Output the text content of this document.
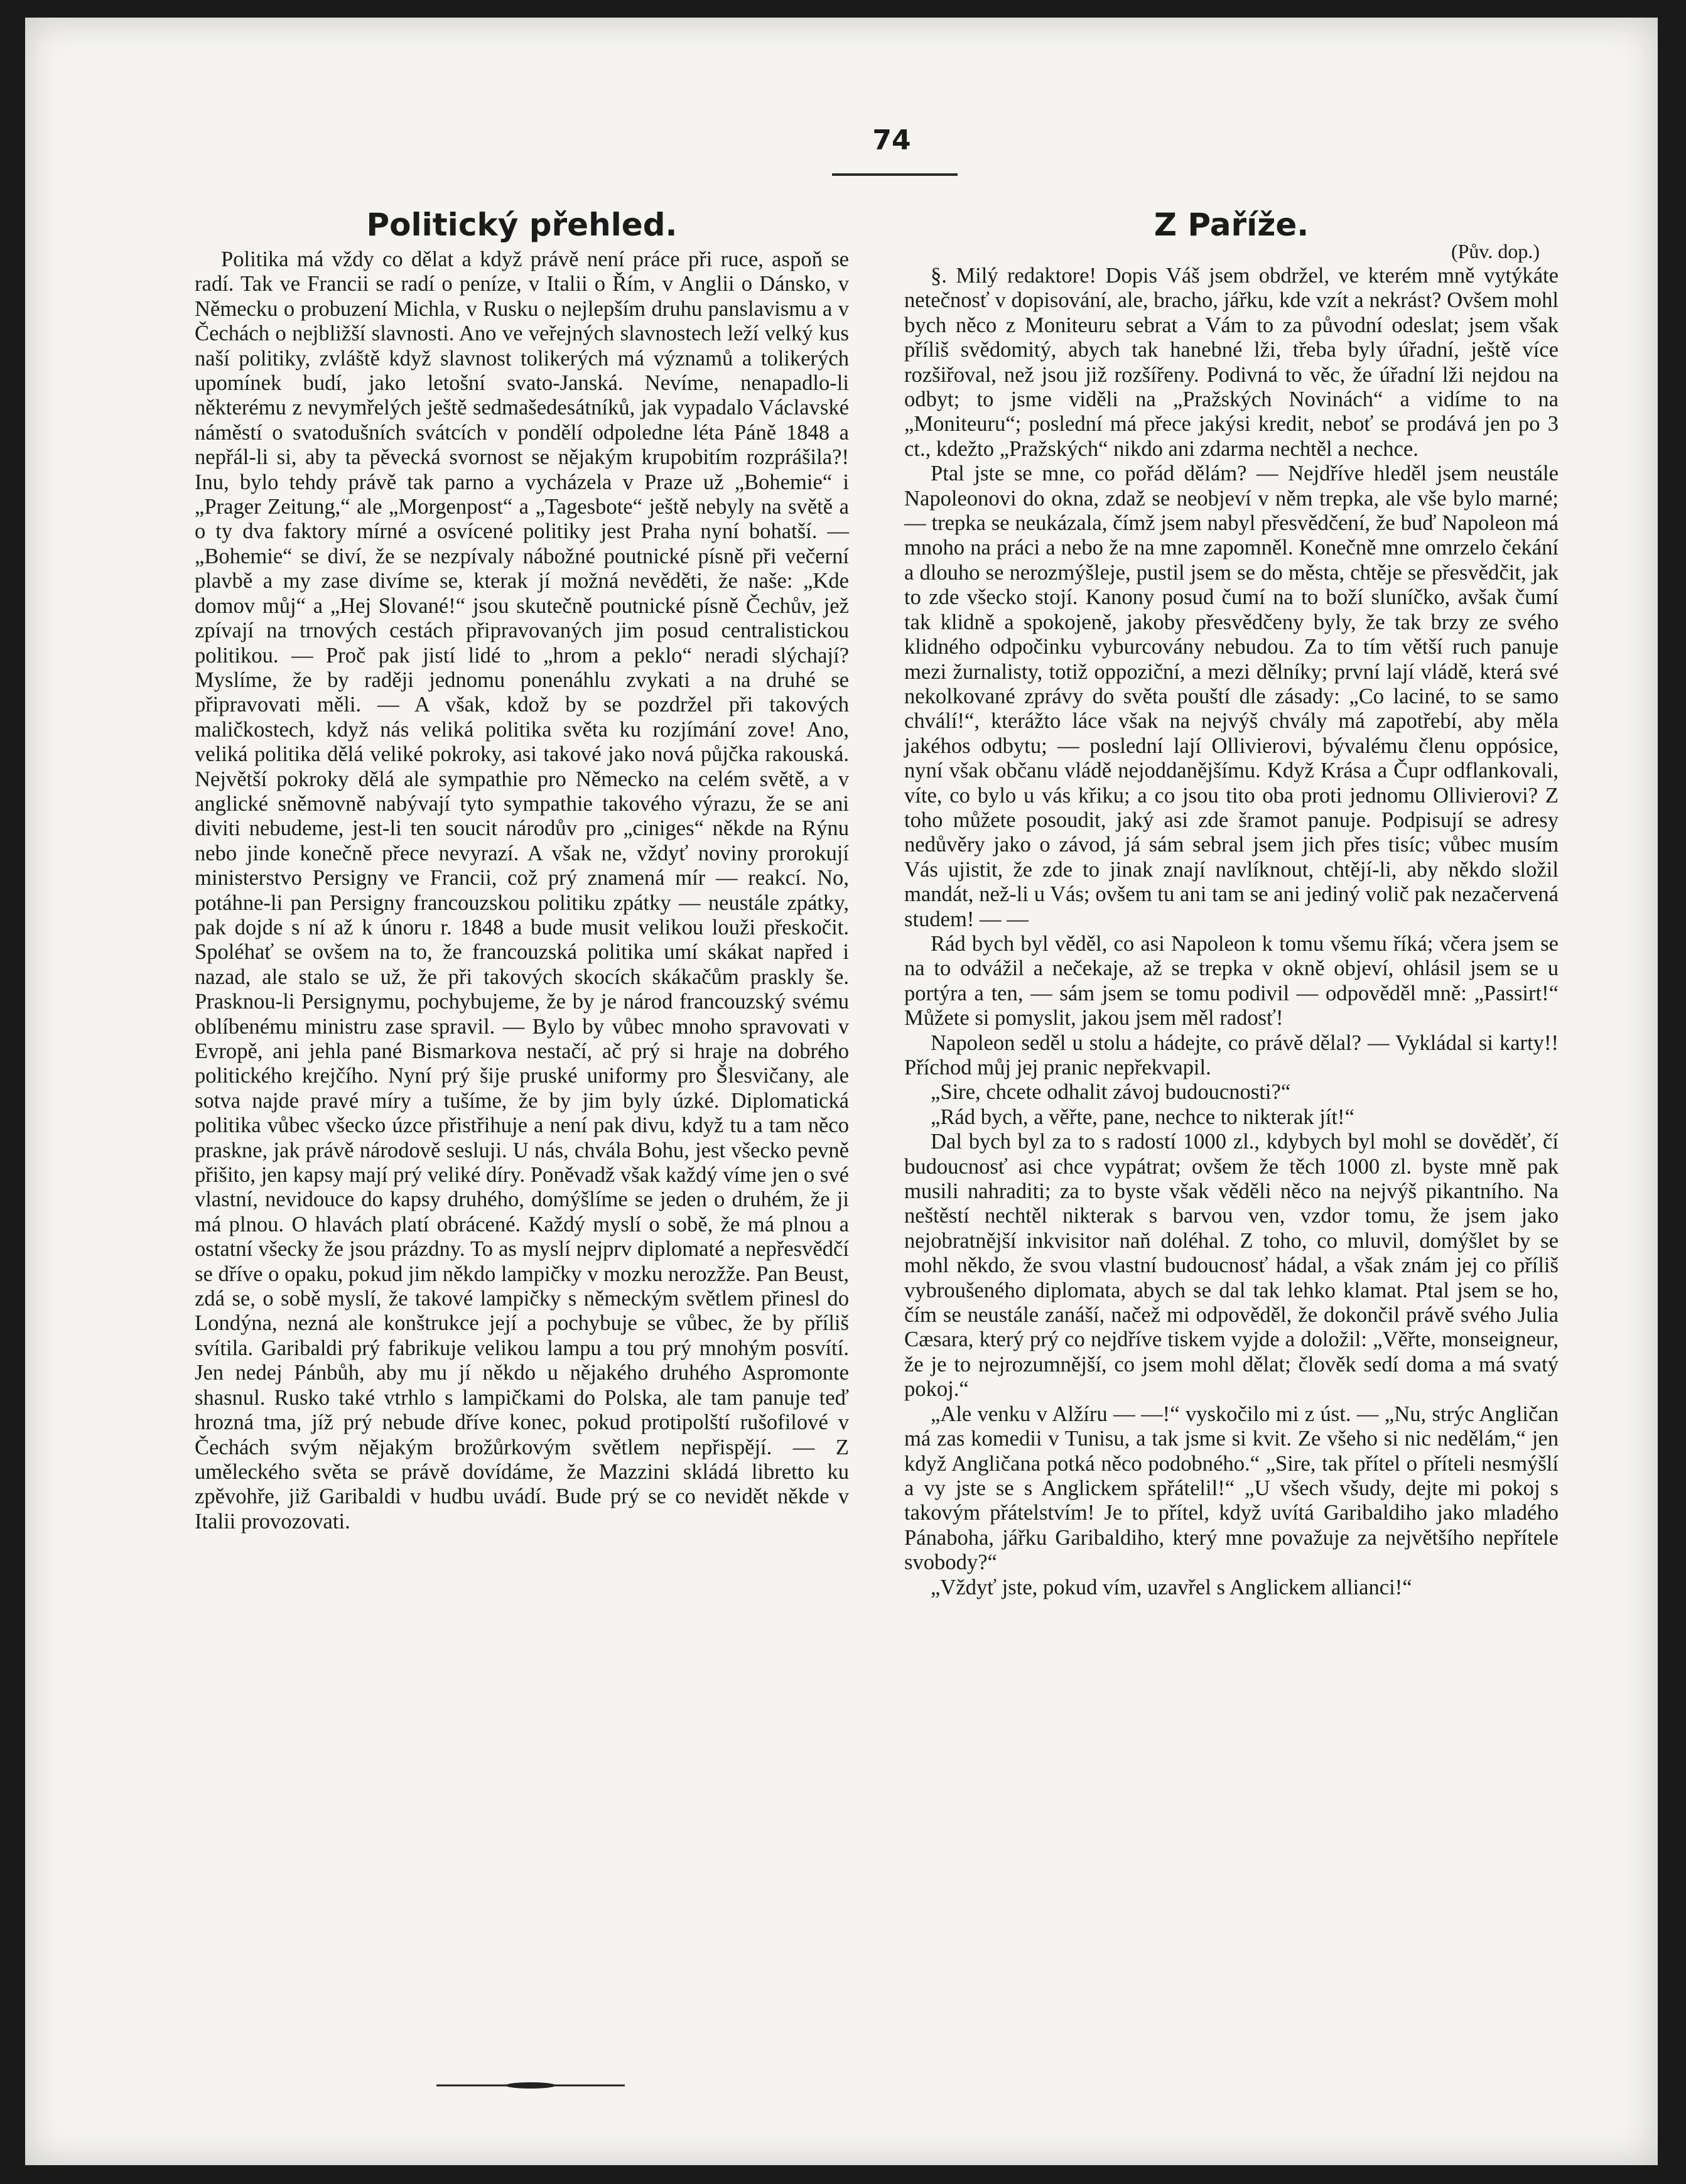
74
Politický přehled.

Politika má vždy co dělat a když právě není práce při ruce, aspoň se radí. Tak ve Francii se radí o peníze, v Italii o Řím, v Anglii o Dánsko, v Německu o probuzení Michla, v Rusku o nejlepším druhu panslavismu a v Čechách o nejbližší slavnosti. Ano ve veřejných slavnostech leží velký kus naší politiky, zvláště když slavnost tolikerých má významů a tolikerých upomínek budí, jako letošní svato-Janská. Nevíme, nenapadlo-li některému z nevymřelých ještě sedmašedesátníků, jak vypadalo Václavské náměstí o svatodušních svátcích v pondělí odpoledne léta Páně 1848 a nepřál-li si, aby ta pěvecká svornost se nějakým krupobitím rozprášila?! Inu, bylo tehdy právě tak parno a vycházela v Praze už „Bohemie“ i „Prager Zeitung,“ ale „Morgenpost“ a „Tagesbote“ ještě nebyly na světě a o ty dva faktory mírné a osvícené politiky jest Praha nyní bohatší. — „Bohemie“ se diví, že se nezpívaly nábožné poutnické písně při večerní plavbě a my zase divíme se, kterak jí možná nevěděti, že naše: „Kde domov můj“ a „Hej Slované!“ jsou skutečně poutnické písně Čechův, jež zpívají na trnových cestách připravovaných jim posud centralistickou politikou. — Proč pak jistí lidé to „hrom a peklo“ neradi slýchají? Myslíme, že by raději jednomu ponenáhlu zvykati a na druhé se připravovati měli. — A však, kdož by se pozdržel při takových maličkostech, když nás veliká politika světa ku rozjímání zove! Ano, veliká politika dělá veliké pokroky, asi takové jako nová půjčka rakouská. Největší pokroky dělá ale sympathie pro Německo na celém světě, a v anglické sněmovně nabývají tyto sympathie takového výrazu, že se ani diviti nebudeme, jest-li ten soucit národův pro „ciniges“ někde na Rýnu nebo jinde konečně přece nevyrazí. A však ne, vždyť noviny prorokují ministerstvo Persigny ve Francii, což prý znamená mír — reakcí. No, potáhne-li pan Persigny francouzskou politiku zpátky — neustále zpátky, pak dojde s ní až k únoru r. 1848 a bude musit velikou louži přeskočit. Spoléhať se ovšem na to, že francouzská politika umí skákat napřed i nazad, ale stalo se už, že při takových skocích skákačům praskly še. Prasknou-li Persignymu, pochybujeme, že by je národ francouzský svému oblíbenému ministru zase spravil. — Bylo by vůbec mnoho spravovati v Evropě, ani jehla pané Bismarkova nestačí, ač prý si hraje na dobrého politického krejčího. Nyní prý šije pruské uniformy pro Šlesvičany, ale sotva najde pravé míry a tušíme, že by jim byly úzké. Diplomatická politika vůbec všecko úzce přistřihuje a není pak divu, když tu a tam něco praskne, jak právě národově sesluji. U nás, chvála Bohu, jest všecko pevně přišito, jen kapsy mají prý veliké díry. Poněvadž však každý víme jen o své vlastní, nevidouce do kapsy druhého, domýšlíme se jeden o druhém, že ji má plnou. O hlavách platí obrácené. Každý myslí o sobě, že má plnou a ostatní všecky že jsou prázdny. To as myslí nejprv diplomaté a nepřesvědčí se dříve o opaku, pokud jim někdo lampičky v mozku nerozžže. Pan Beust, zdá se, o sobě myslí, že takové lampičky s německým světlem přinesl do Londýna, nezná ale konštrukce její a pochybuje se vůbec, že by příliš svítila. Garibaldi prý fabrikuje velikou lampu a tou prý mnohým posvítí. Jen nedej Pánbůh, aby mu jí někdo u nějakého druhého Aspromonte shasnul. Rusko také vtrhlo s lampičkami do Polska, ale tam panuje teď hrozná tma, jíž prý nebude dříve konec, pokud protipolští rušofilové v Čechách svým nějakým brožůrkovým světlem nepřispějí. — Z uměleckého světa se právě dovídáme, že Mazzini skládá libretto ku zpěvohře, již Garibaldi v hudbu uvádí. Bude prý se co nevidět někde v Italii provozovati.

Z Paříže.
(Pův. dop.)

§. Milý redaktore! Dopis Váš jsem obdržel, ve kterém mně vytýkáte netečnosť v dopisování, ale, bracho, jářku, kde vzít a nekrást? Ovšem mohl bych něco z Moniteuru sebrat a Vám to za původní odeslat; jsem však příliš svědomitý, abych tak hanebné lži, třeba byly úřadní, ještě více rozšiřoval, než jsou již rozšířeny. Podivná to věc, že úřadní lži nejdou na odbyt; to jsme viděli na „Pražských Novinách“ a vidíme to na „Moniteuru“; poslední má přece jakýsi kredit, neboť se prodává jen po 3 ct., kdežto „Pražských“ nikdo ani zdarma nechtěl a nechce.

Ptal jste se mne, co pořád dělám? — Nejdříve hleděl jsem neustále Napoleonovi do okna, zdaž se neobjeví v něm trepka, ale vše bylo marné; — trepka se neukázala, čímž jsem nabyl přesvědčení, že buď Napoleon má mnoho na práci a nebo že na mne zapomněl. Konečně mne omrzelo čekání a dlouho se nerozmýšleje, pustil jsem se do města, chtěje se přesvědčit, jak to zde všecko stojí. Kanony posud čumí na to boží sluníčko, avšak čumí tak klidně a spokojeně, jakoby přesvědčeny byly, že tak brzy ze svého klidného odpočinku vyburcovány nebudou. Za to tím větší ruch panuje mezi žurnalisty, totiž oppoziční, a mezi dělníky; první lají vládě, která své nekolkované zprávy do světa pouští dle zásady: „Co laciné, to se samo chválí!“, kterážto láce však na nejvýš chvály má zapotřebí, aby měla jakéhos odbytu; — poslední lají Ollivierovi, bývalému členu oppósice, nyní však občanu vládě nejoddanějšímu. Když Krása a Čupr odflankovali, víte, co bylo u vás křiku; a co jsou tito oba proti jednomu Ollivierovi? Z toho můžete posoudit, jaký asi zde šramot panuje. Podpisují se adresy nedůvěry jako o závod, já sám sebral jsem jich přes tisíc; vůbec musím Vás ujistit, že zde to jinak znají navlíknout, chtějí-li, aby někdo složil mandát, než-li u Vás; ovšem tu ani tam se ani jediný volič pak nezačervená studem! — —

Rád bych byl věděl, co asi Napoleon k tomu všemu říká; včera jsem se na to odvážil a nečekaje, až se trepka v okně objeví, ohlásil jsem se u portýra a ten, — sám jsem se tomu podivil — odpověděl mně: „Passirt!“ Můžete si pomyslit, jakou jsem měl radosť!

Napoleon seděl u stolu a hádejte, co právě dělal? — Vykládal si karty!! Příchod můj jej pranic nepřekvapil.

„Sire, chcete odhalit závoj budoucnosti?“

„Rád bych, a věřte, pane, nechce to nikterak jít!“

Dal bych byl za to s radostí 1000 zl., kdybych byl mohl se dověděť, čí budoucnosť asi chce vypátrat; ovšem že těch 1000 zl. byste mně pak musili nahraditi; za to byste však věděli něco na nejvýš pikantního. Na neštěstí nechtěl nikterak s barvou ven, vzdor tomu, že jsem jako nejobratnější inkvisitor naň doléhal. Z toho, co mluvil, domýšlet by se mohl někdo, že svou vlastní budoucnosť hádal, a však znám jej co příliš vybroušeného diplomata, abych se dal tak lehko klamat. Ptal jsem se ho, čím se neustále zanáší, načež mi odpověděl, že dokončil právě svého Julia Cæsara, který prý co nejdříve tiskem vyjde a doložil: „Věřte, monseigneur, že je to nejrozumnější, co jsem mohl dělat; člověk sedí doma a má svatý pokoj.“

„Ale venku v Alžíru — —!“ vyskočilo mi z úst. — „Nu, strýc Angličan má zas komedii v Tunisu, a tak jsme si kvit. Ze všeho si nic nedělám,“ jen když Angličana potká něco podobného.“ „Sire, tak přítel o příteli nesmýšlí a vy jste se s Anglickem spřátelil!“ „U všech všudy, dejte mi pokoj s takovým přátelstvím! Je to přítel, když uvítá Garibaldiho jako mladého Pánaboha, jářku Garibaldiho, který mne považuje za největšího nepřítele svobody?“

„Vždyť jste, pokud vím, uzavřel s Anglickem allianci!“
